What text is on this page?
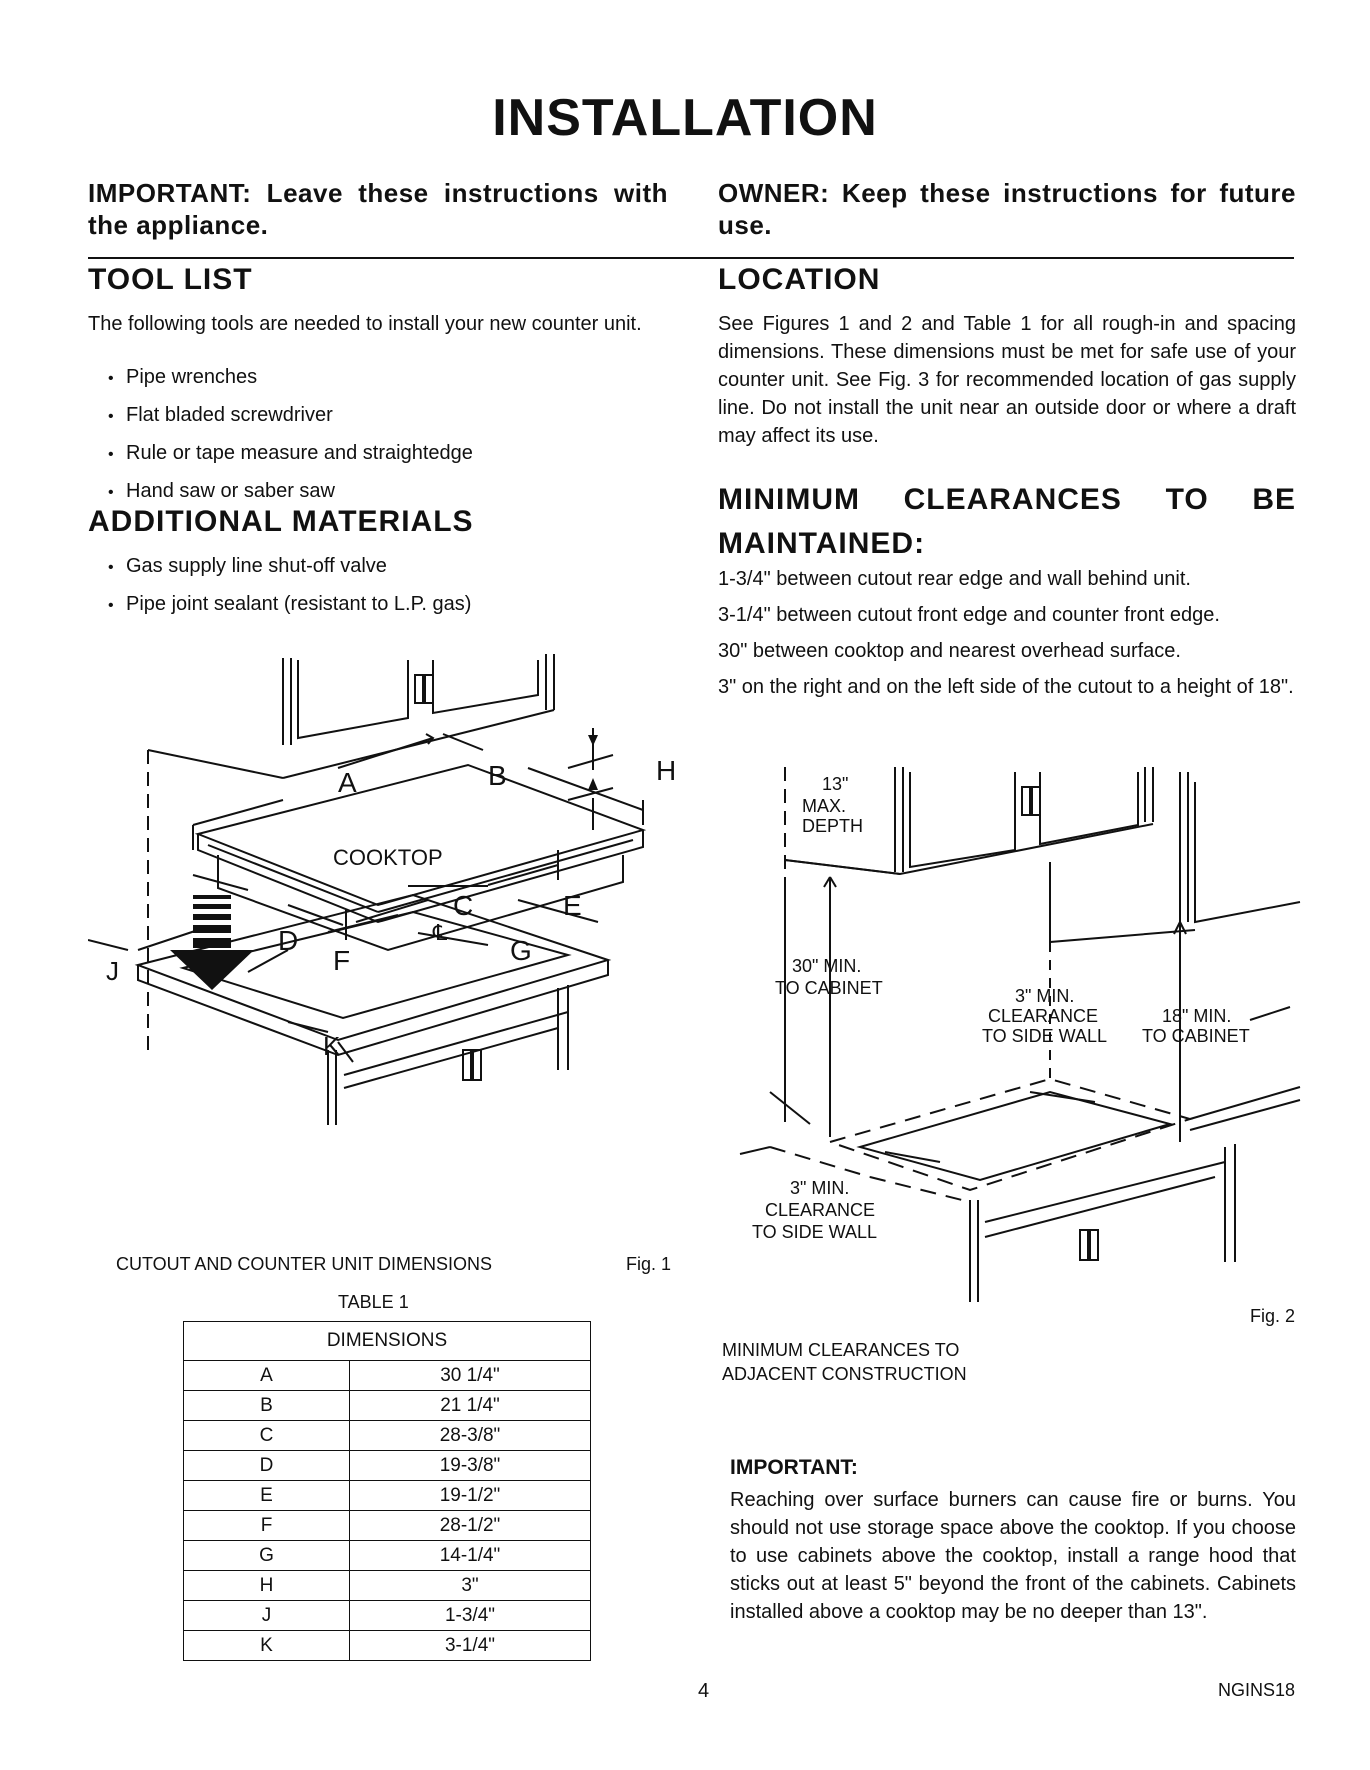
INSTALLATION
IMPORTANT: Leave these instructions with the appliance.
OWNER: Keep these instructions for future use.
TOOL LIST
The following tools are needed to install your new counter unit.
• Pipe wrenches
• Flat bladed screwdriver
• Rule or tape measure and straightedge
• Hand saw or saber saw
ADDITIONAL MATERIALS
• Gas supply line shut-off valve
• Pipe joint sealant (resistant to L.P. gas)
A	B
C
D
E
F	G
H
J
K
COOKTOP
℄
CUTOUT AND COUNTER UNIT DIMENSIONS	Fig. 1
TABLE 1
DIMENSIONS	
A	30 1/4"
B	21 1/4"
C	28-3/8"
D	19-3/8"
E	19-1/2"
F	28-1/2"
G	14-1/4"
H	3"
J	1-3/4"
K	3-1/4"
LOCATION
See Figures 1 and 2 and Table 1 for all rough-in and spacing dimensions. These dimensions must be met for safe use of your counter unit. See Fig. 3 for recommended location of gas supply line. Do not install the unit near an outside door or where a draft may affect its use.
MINIMUM CLEARANCES TO BE MAINTAINED:

1-3/4" between cutout rear edge and wall behind unit.

3-1/4" between cutout front edge and counter front edge.

30" between cooktop and nearest overhead surface.

3" on the right and on the left side of the cutout to a height of 18".

13"
MAX.
DEPTH
30" MIN.
TO CABINET	3" MIN.
CLEARANCE
TO SIDE WALL
18" MIN.
TO CABINET
3" MIN.
CLEARANCE
TO SIDE WALL
Fig. 2
MINIMUM CLEARANCES TO
ADJACENT CONSTRUCTION
IMPORTANT:
Reaching over surface burners can cause fire or burns. You should not use storage space above the cooktop. If you choose to use cabinets above the cooktop, install a range hood that sticks out at least 5" beyond the front of the cabinets. Cabinets installed above a cooktop may be no deeper than 13".
4	NGINS18
